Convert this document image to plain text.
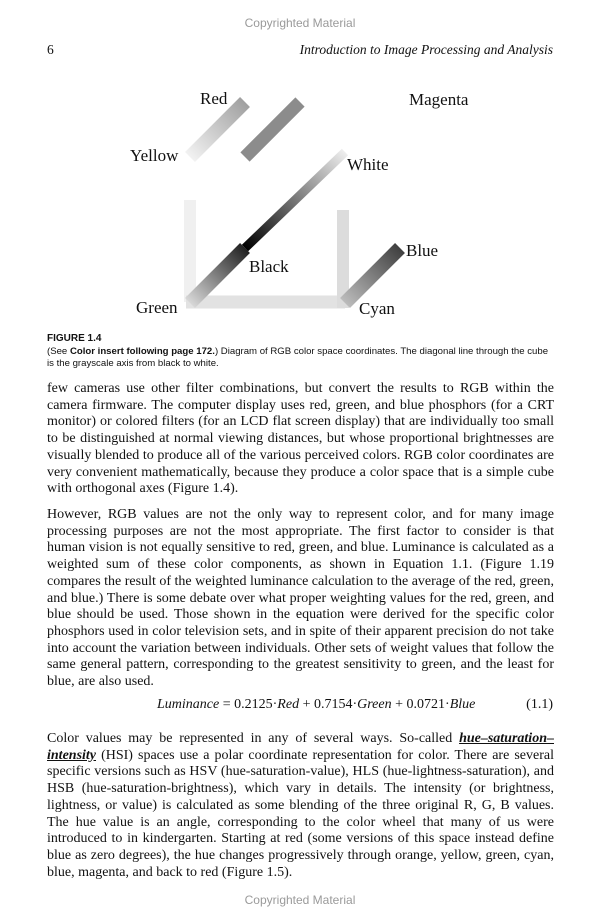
Copyrighted Material
6	Introduction to Image Processing and Analysis
Red	Magenta
Yellow	White
Blue
Black
Green	Cyan
FIGURE 1.4
(See Color insert following page 172.) Diagram of RGB color space coordinates. The diagonal line through the cube is the grayscale axis from black to white.

few cameras use other filter combinations, but convert the results to RGB within the camera firmware. The computer display uses red, green, and blue phosphors (for a CRT monitor) or colored filters (for an LCD flat screen display) that are individually too small to be distinguished at normal viewing distances, but whose proportional brightnesses are visually blended to produce all of the various perceived colors. RGB color coordinates are very convenient mathematically, because they produce a color space that is a simple cube with orthogonal axes (Figure 1.4).

However, RGB values are not the only way to represent color, and for many image processing purposes are not the most appropriate. The first factor to consider is that human vision is not equally sensitive to red, green, and blue. Luminance is calculated as a weighted sum of these color components, as shown in Equation 1.1. (Figure 1.19 compares the result of the weighted luminance calculation to the average of the red, green, and blue.) There is some debate over what proper weighting values for the red, green, and blue should be used. Those shown in the equation were derived for the specific color phosphors used in color television sets, and in spite of their apparent precision do not take into account the variation between individuals. Other sets of weight values that follow the same general pattern, corresponding to the greatest sensitivity to green, and the least for blue, are also used.

Luminance = 0.2125·Red + 0.7154·Green + 0.0721·Blue	(1.1)

Color values may be represented in any of several ways. So-called hue–saturation–intensity (HSI) spaces use a polar coordinate representation for color. There are several specific versions such as HSV (hue-saturation-value), HLS (hue-lightness-saturation), and HSB (hue-saturation-brightness), which vary in details. The intensity (or brightness, lightness, or value) is calculated as some blending of the three original R, G, B values. The hue value is an angle, corresponding to the color wheel that many of us were introduced to in kindergarten. Starting at red (some versions of this space instead define blue as zero degrees), the hue changes progressively through orange, yellow, green, cyan, blue, magenta, and back to red (Figure 1.5).

Copyrighted Material
